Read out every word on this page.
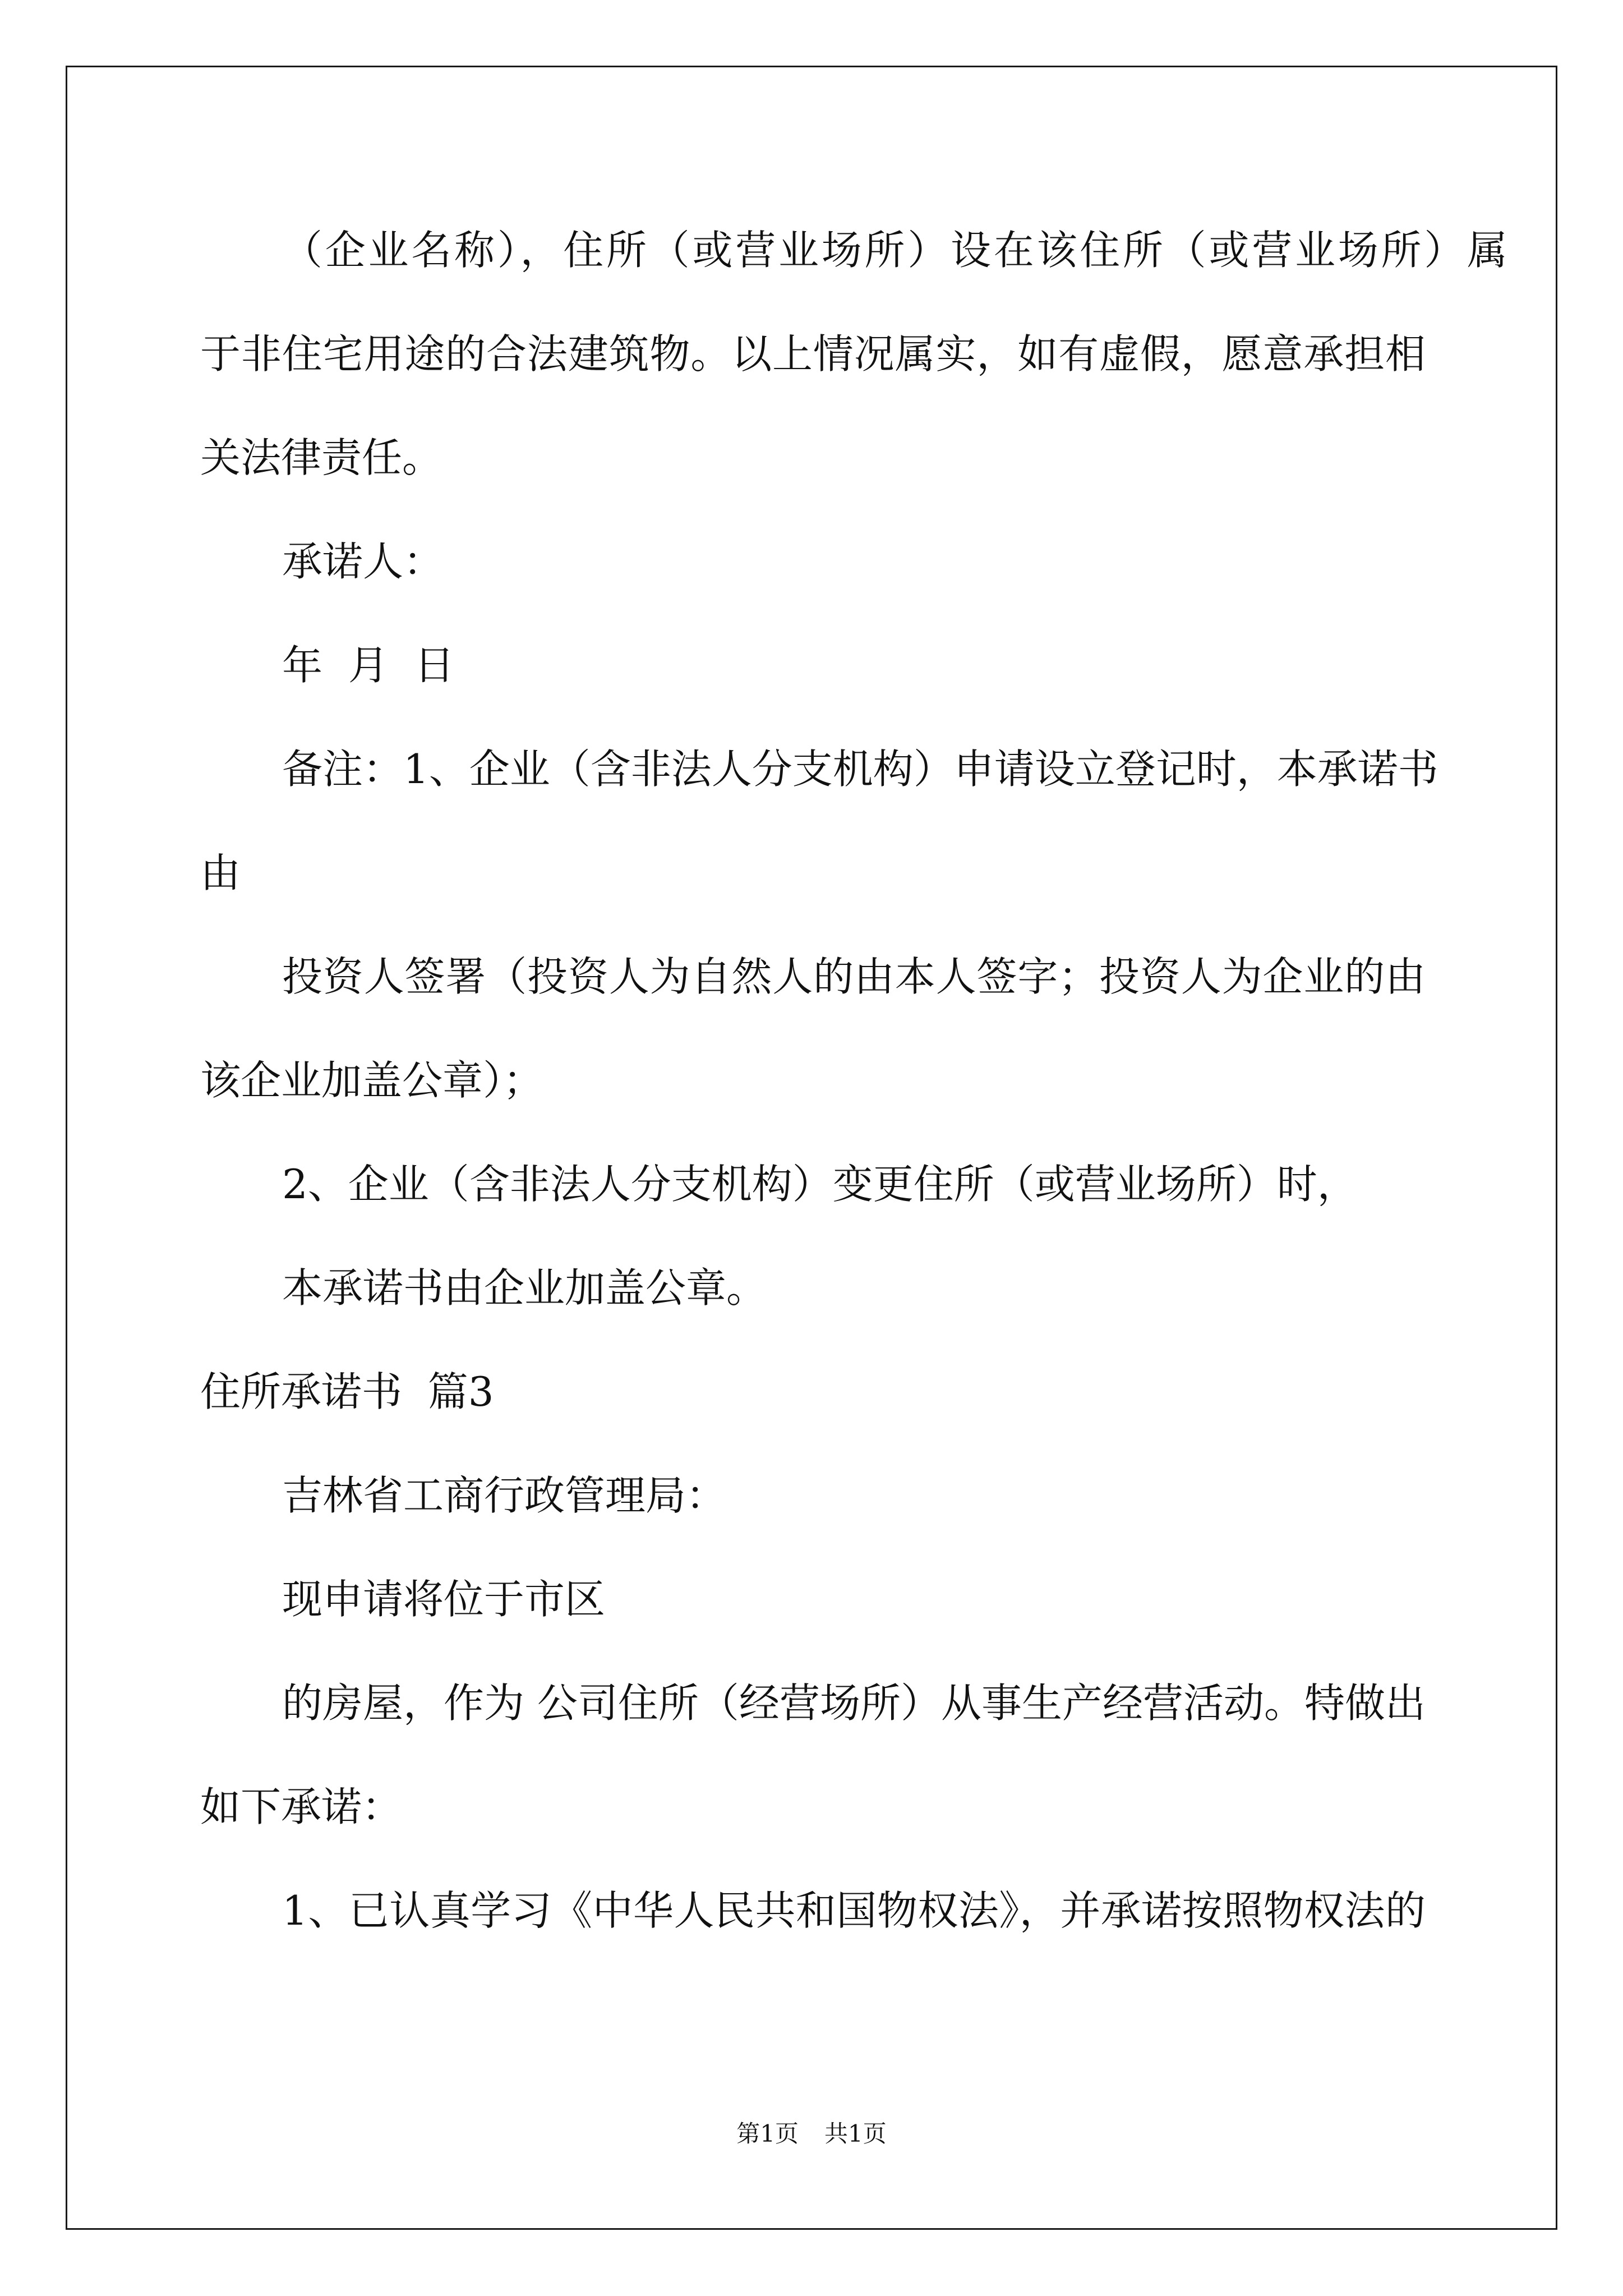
（企业名称），住所（或营业场所）设在该住所（或营业场所）属
于非住宅用途的合法建筑物。以上情况属实，如有虚假，愿意承担相
关法律责任。
承诺人：
年  月  日
备注：1、企业（含非法人分支机构）申请设立登记时，本承诺书
由
投资人签署（投资人为自然人的由本人签字；投资人为企业的由
该企业加盖公章）；
2、企业（含非法人分支机构）变更住所（或营业场所）时，
本承诺书由企业加盖公章。
住所承诺书  篇3
吉林省工商行政管理局：
现申请将位于市区
的房屋，作为 公司住所（经营场所）从事生产经营活动。特做出
如下承诺：
1、已认真学习《中华人民共和国物权法》，并承诺按照物权法的
第1页 共1页
